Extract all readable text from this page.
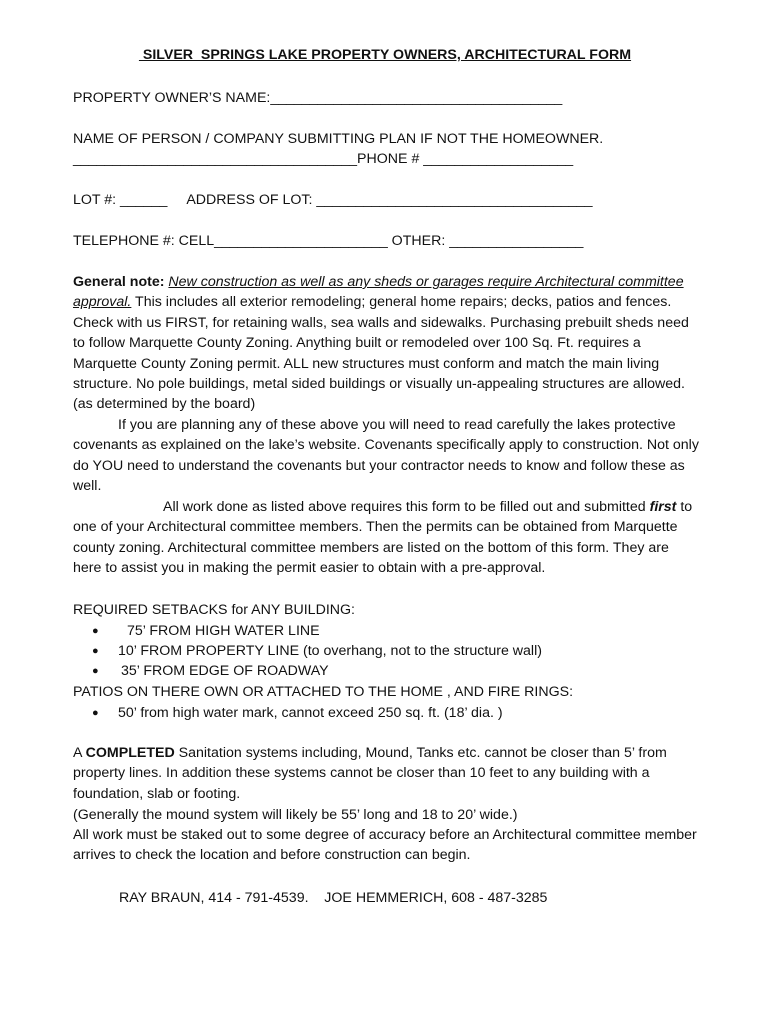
SILVER  SPRINGS LAKE PROPERTY OWNERS, ARCHITECTURAL FORM
PROPERTY OWNER’S NAME:_____________________________________
NAME OF PERSON / COMPANY SUBMITTING PLAN IF NOT THE HOMEOWNER.
____________________________________PHONE # ___________________
LOT #: ______     ADDRESS OF LOT: ___________________________________
TELEPHONE #: CELL______________________ OTHER: _________________
General note: New construction as well as any sheds or garages require Architectural committee approval. This includes all exterior remodeling; general home repairs; decks, patios and fences. Check with us FIRST, for retaining walls, sea walls and sidewalks. Purchasing prebuilt sheds need to follow Marquette County Zoning. Anything built or remodeled over 100 Sq. Ft. requires a Marquette County Zoning permit. ALL new structures must conform and match the main living structure. No pole buildings, metal sided buildings or visually un-appealing structures are allowed. (as determined by the board)
If you are planning any of these above you will need to read carefully the lakes protective covenants as explained on the lake’s website. Covenants specifically apply to construction. Not only do YOU need to understand the covenants but your contractor needs to know and follow these as well.
All work done as listed above requires this form to be filled out and submitted first to one of your Architectural committee members. Then the permits can be obtained from Marquette county zoning. Architectural committee members are listed on the bottom of this form. They are here to assist you in making the permit easier to obtain with a pre-approval.
REQUIRED SETBACKS for ANY BUILDING:
● 75’ FROM HIGH WATER LINE
● 10’ FROM PROPERTY LINE (to overhang, not to the structure wall)
● 35’ FROM EDGE OF ROADWAY
PATIOS ON THERE OWN OR ATTACHED TO THE HOME , AND FIRE RINGS:
● 50’ from high water mark, cannot exceed 250 sq. ft. (18’ dia. )
A COMPLETED Sanitation systems including, Mound, Tanks etc. cannot be closer than 5’ from property lines. In addition these systems cannot be closer than 10 feet to any building with a foundation, slab or footing.
(Generally the mound system will likely be 55’ long and 18 to 20’ wide.)
All work must be staked out to some degree of accuracy before an Architectural committee member arrives to check the location and before construction can begin.
RAY BRAUN, 414 - 791-4539.    JOE HEMMERICH, 608 - 487-3285
